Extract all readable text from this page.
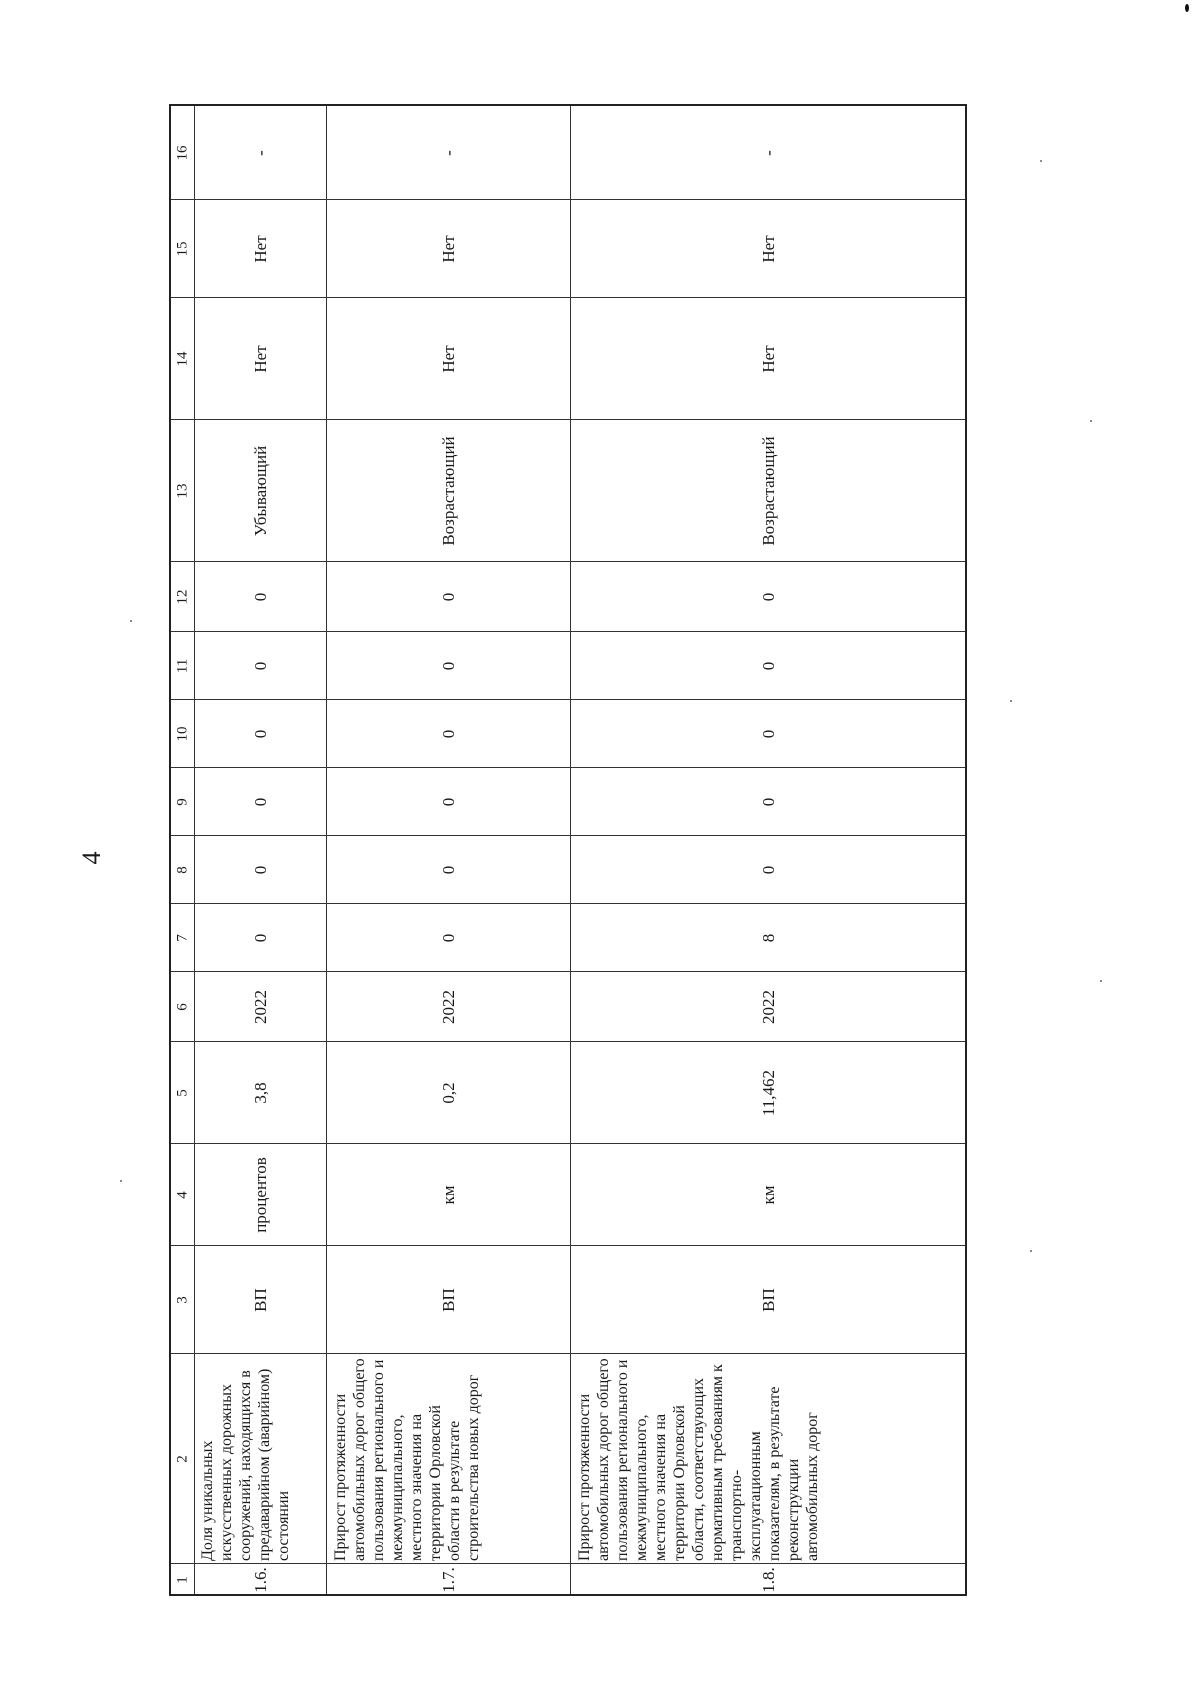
4
1
2
3
4
5
6
7
8
9
10
11
12
13
14
15
16
1.6.
Доля уникальных искусственных дорожных сооружений, находящихся в предаварийном (аварийном) состоянии
ВП
процентов
3,8
2022
0
0
0
0
0
0
Убывающий
Нет
Нет
-
1.7.
Прирост протяженности автомобильных дорог общего пользования регионального и межмуниципального, местного значения на территории Орловской области в результате строительства новых дорог
ВП
км
0,2
2022
0
0
0
0
0
0
Возрастающий
Нет
Нет
-
1.8.
Прирост протяженности автомобильных дорог общего пользования регионального и межмуниципального, местного значения на территории Орловской области, соответствующих нормативным требованиям к транспортно-эксплуатационным показателям, в результате реконструкции автомобильных дорог
ВП
км
11,462
2022
8
0
0
0
0
0
Возрастающий
Нет
Нет
-
